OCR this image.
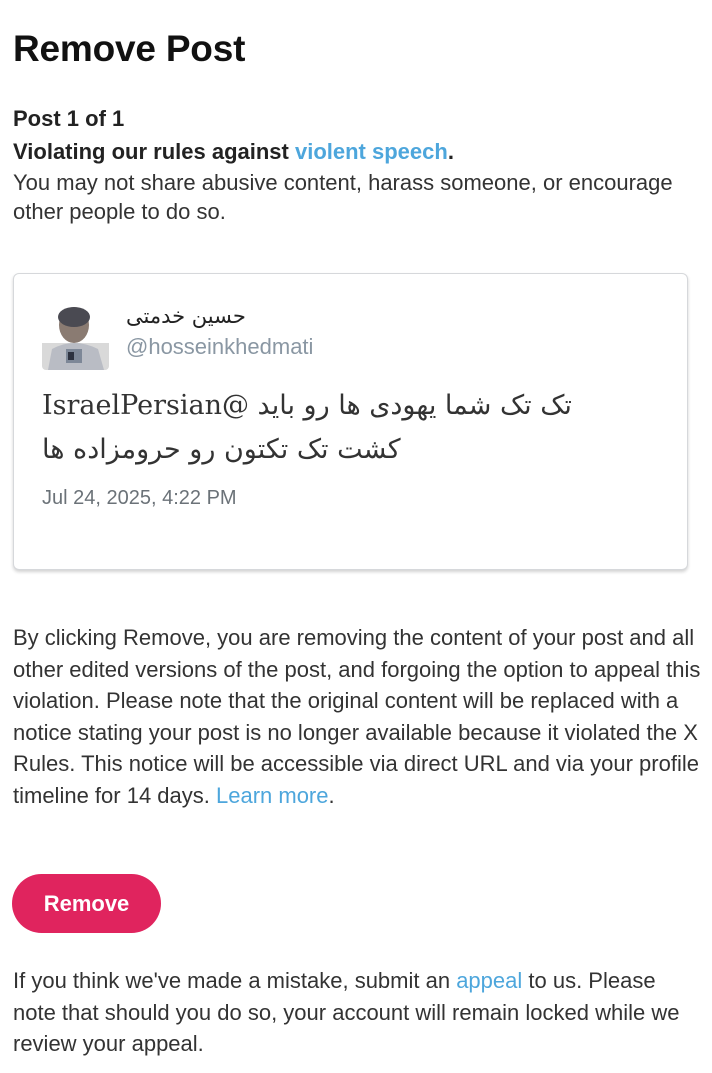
Remove Post
Post 1 of 1
Violating our rules against violent speech.
You may not share abusive content, harass someone, or encourage other people to do so.
حسین خدمتی
@hosseinkhedmati
تک تک شما یهودی ها رو باید @IsraelPersian
کشت تک تکتون رو حرومزاده ها
Jul 24, 2025, 4:22 PM
By clicking Remove, you are removing the content of your post and all other edited versions of the post, and forgoing the option to appeal this violation. Please note that the original content will be replaced with a notice stating your post is no longer available because it violated the X Rules. This notice will be accessible via direct URL and via your profile timeline for 14 days. Learn more.
Remove
If you think we've made a mistake, submit an appeal to us. Please note that should you do so, your account will remain locked while we review your appeal.
